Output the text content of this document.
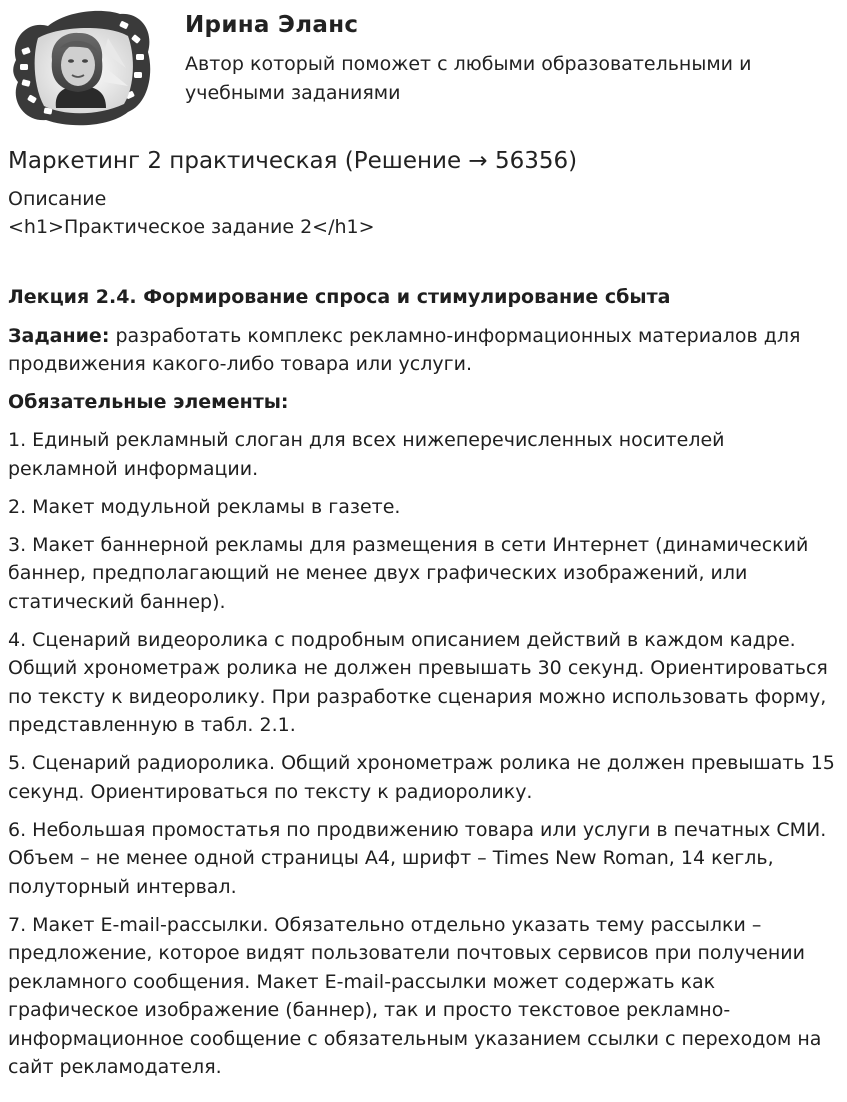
Ирина Эланс

Автор который поможет с любыми образовательными и учебными заданиями

Маркетинг 2 практическая (Решение → 56356)
Описание
<h1>Практическое задание 2</h1>

Лекция 2.4. Формирование спроса и стимулирование сбыта

Задание: разработать комплекс рекламно-информационных материалов для продвижения какого-либо товара или услуги.

Обязательные элементы:

1. Единый рекламный слоган для всех нижеперечисленных носителей рекламной информации.

2. Макет модульной рекламы в газете.

3. Макет баннерной рекламы для размещения в сети Интернет (динамический баннер, предполагающий не менее двух графических изображений, или статический баннер).

4. Сценарий видеоролика с подробным описанием действий в каждом кадре. Общий хронометраж ролика не должен превышать 30 секунд. Ориентироваться по тексту к видеоролику. При разработке сценария можно использовать форму, представленную в табл. 2.1.

5. Сценарий радиоролика. Общий хронометраж ролика не должен превышать 15 секунд. Ориентироваться по тексту к радиоролику.

6. Небольшая промостатья по продвижению товара или услуги в печатных СМИ. Объем – не менее одной страницы А4, шрифт – Times New Roman, 14 кегль, полуторный интервал.

7. Макет E-mail-рассылки. Обязательно отдельно указать тему рассылки – предложение, которое видят пользователи почтовых сервисов при получении рекламного сообщения. Макет E-mail-рассылки может содержать как графическое изображение (баннер), так и просто текстовое рекламно-информационное сообщение с обязательным указанием ссылки с переходом на сайт рекламодателя.
